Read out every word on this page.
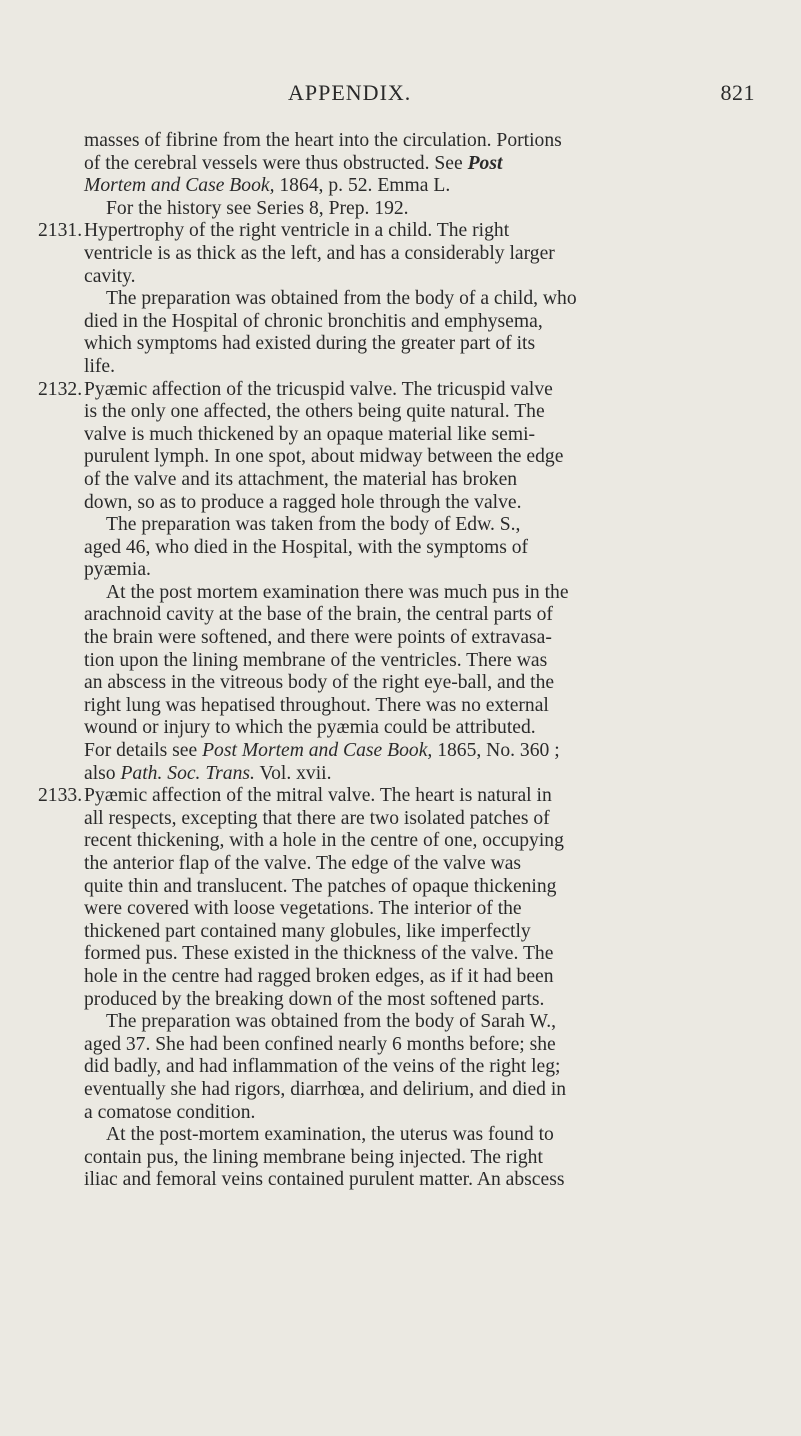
APPENDIX.	821
masses of fibrine from the heart into the circulation. Portions
of the cerebral vessels were thus obstructed. See Post
Mortem and Case Book, 1864, p. 52. Emma L.
For the history see Series 8, Prep. 192.
2131.Hypertrophy of the right ventricle in a child. The right
ventricle is as thick as the left, and has a considerably larger
cavity.
The preparation was obtained from the body of a child, who
died in the Hospital of chronic bronchitis and emphysema,
which symptoms had existed during the greater part of its
life.
2132.Pyæmic affection of the tricuspid valve. The tricuspid valve
is the only one affected, the others being quite natural. The
valve is much thickened by an opaque material like semi-
purulent lymph. In one spot, about midway between the edge
of the valve and its attachment, the material has broken
down, so as to produce a ragged hole through the valve.
The preparation was taken from the body of Edw. S.,
aged 46, who died in the Hospital, with the symptoms of
pyæmia.
At the post mortem examination there was much pus in the
arachnoid cavity at the base of the brain, the central parts of
the brain were softened, and there were points of extravasa-
tion upon the lining membrane of the ventricles. There was
an abscess in the vitreous body of the right eye-ball, and the
right lung was hepatised throughout. There was no external
wound or injury to which the pyæmia could be attributed.
For details see Post Mortem and Case Book, 1865, No. 360 ;
also Path. Soc. Trans. Vol. xvii.
2133.Pyæmic affection of the mitral valve. The heart is natural in
all respects, excepting that there are two isolated patches of
recent thickening, with a hole in the centre of one, occupying
the anterior flap of the valve. The edge of the valve was
quite thin and translucent. The patches of opaque thickening
were covered with loose vegetations. The interior of the
thickened part contained many globules, like imperfectly
formed pus. These existed in the thickness of the valve. The
hole in the centre had ragged broken edges, as if it had been
produced by the breaking down of the most softened parts.
The preparation was obtained from the body of Sarah W.,
aged 37. She had been confined nearly 6 months before; she
did badly, and had inflammation of the veins of the right leg;
eventually she had rigors, diarrhœa, and delirium, and died in
a comatose condition.
At the post-mortem examination, the uterus was found to
contain pus, the lining membrane being injected. The right
iliac and femoral veins contained purulent matter. An abscess
